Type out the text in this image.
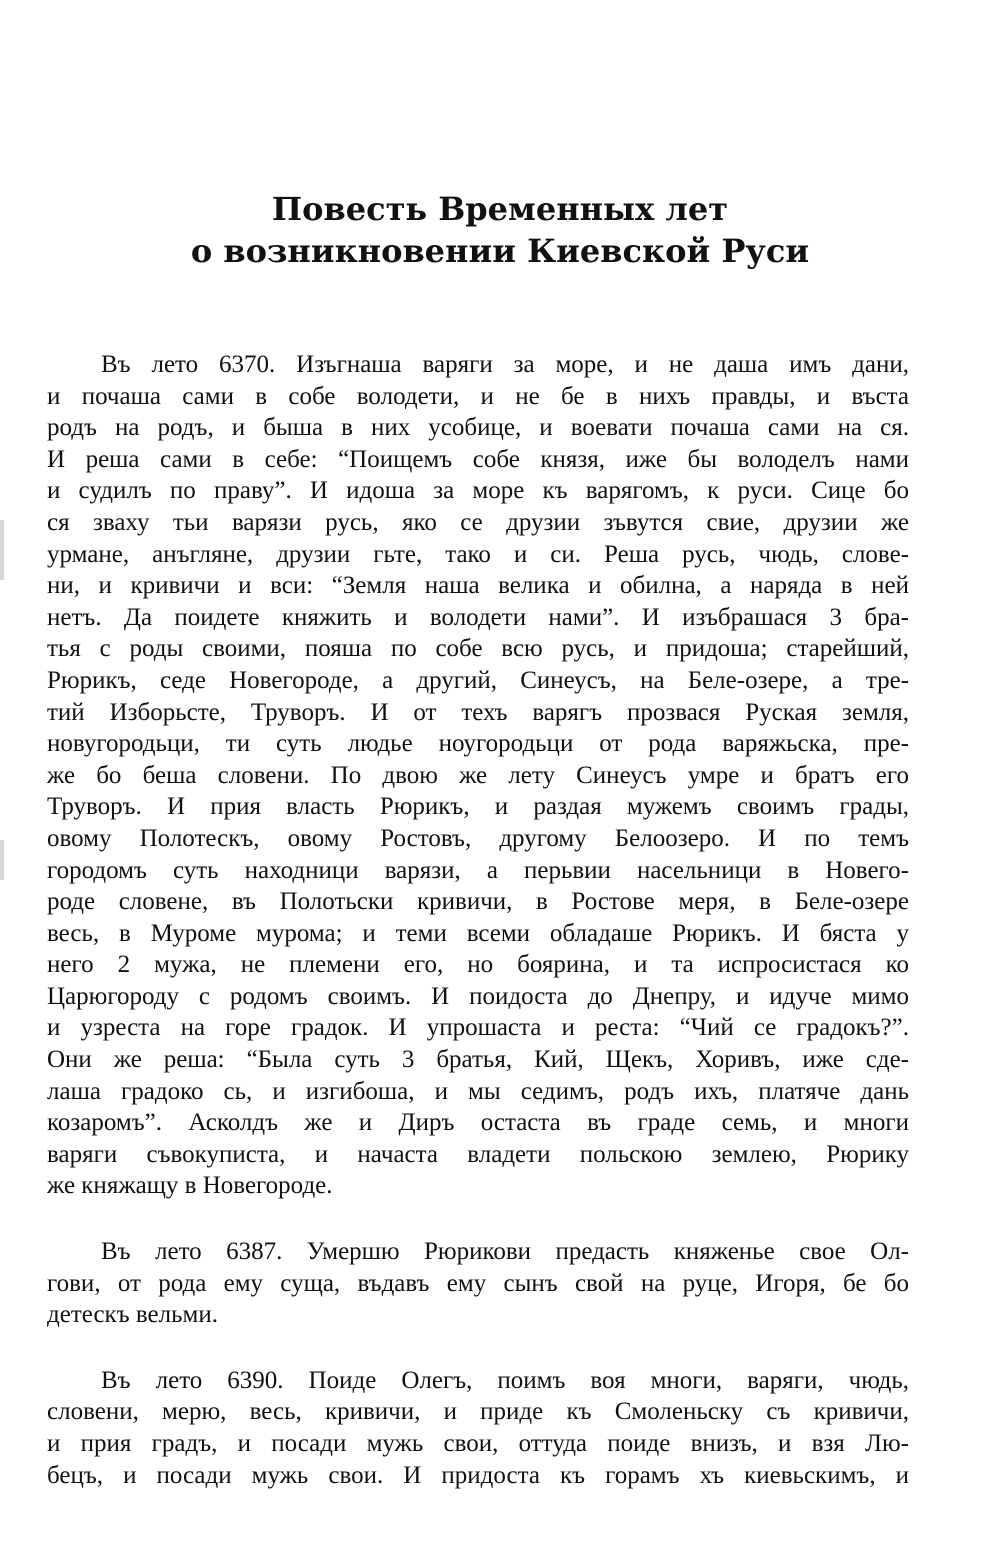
Повесть Временных лет
о возникновении Киевской Руси

Въ лето 6370. Изъгнаша варяги за море, и не даша имъ дани,
и почаша сами в собе володети, и не бе в нихъ правды, и въста
родъ на родъ, и быша в них усобице, и воевати почаша сами на ся.
И реша сами в себе: “Поищемъ собе князя, иже бы володелъ нами
и судилъ по праву”. И идоша за море къ варягомъ, к руси. Сице бо
ся зваху тьи варязи русь, яко се друзии зъвутся свие, друзии же
урмане, анъгляне, друзии гьте, тако и си. Реша русь, чюдь, слове-
ни, и кривичи и вси: “Земля наша велика и обилна, а наряда в ней
нетъ. Да поидете княжить и володети нами”. И изъбрашася 3 бра-
тья с роды своими, пояша по собе всю русь, и придоша; старейший,
Рюрикъ, седе Новегороде, а другий, Синеусъ, на Беле-озере, а тре-
тий Изборьсте, Труворъ. И от техъ варягъ прозвася Руская земля,
новугородьци, ти суть людье ноугородьци от рода варяжьска, пре-
же бо беша словени. По двою же лету Синеусъ умре и братъ его
Труворъ. И прия власть Рюрикъ, и раздая мужемъ своимъ грады,
овому Полотескъ, овому Ростовъ, другому Белоозеро. И по темъ
городомъ суть находници варязи, а перьвии насельници в Новего-
роде словене, въ Полотьски кривичи, в Ростове меря, в Беле-озере
весь, в Муроме мурома; и теми всеми обладаше Рюрикъ. И бяста у
него 2 мужа, не племени его, но боярина, и та испросистася ко
Царюгороду с родомъ своимъ. И поидоста до Днепру, и идуче мимо
и узреста на горе градок. И упрошаста и реста: “Чий се градокъ?”.
Они же реша: “Была суть 3 братья, Кий, Щекъ, Хоривъ, иже сде-
лаша градоко сь, и изгибоша, и мы седимъ, родъ ихъ, платяче дань
козаромъ”. Асколдъ же и Диръ остаста въ граде семь, и многи
варяги съвокуписта, и начаста владети польскою землею, Рюрику
же княжащу в Новегороде.

Въ лето 6387. Умершю Рюрикови предасть княженье свое Ол-
гови, от рода ему суща, въдавъ ему сынъ свой на руце, Игоря, бе бо
детескъ вельми.

Въ лето 6390. Поиде Олегъ, поимъ воя многи, варяги, чюдь,
словени, мерю, весь, кривичи, и приде къ Смоленьску съ кривичи,
и прия градъ, и посади мужь свои, оттуда поиде внизъ, и взя Лю-
бецъ, и посади мужь свои. И придоста къ горамъ хъ киевьскимъ, и
